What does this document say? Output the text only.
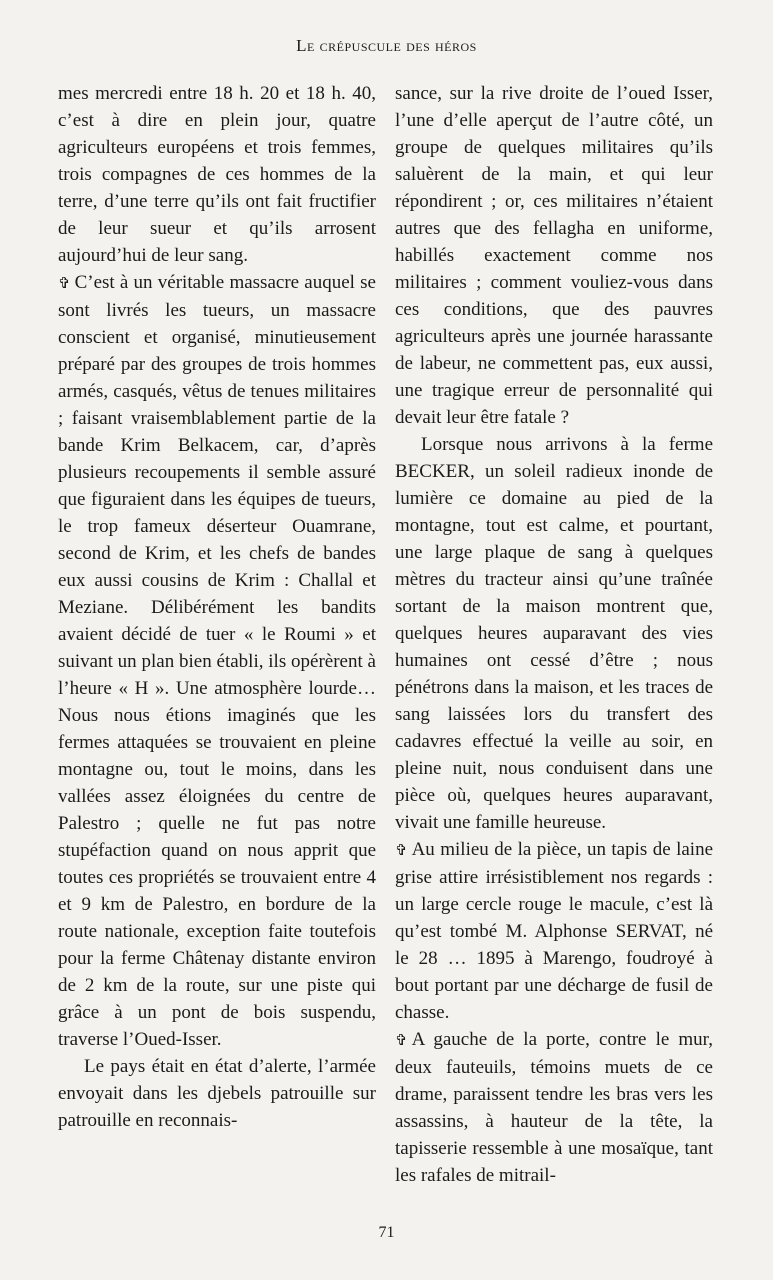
Le crépuscule des héros

mes mercredi entre 18 h. 20 et 18 h. 40, c’est à dire en plein jour, quatre agriculteurs européens et trois femmes, trois compagnes de ces hommes de la terre, d’une terre qu’ils ont fait fructifier de leur sueur et qu’ils arrosent aujourd’hui de leur sang.

✞ C’est à un véritable massacre auquel se sont livrés les tueurs, un massacre conscient et organisé, minutieusement préparé par des groupes de trois hommes armés, casqués, vêtus de tenues militaires ; faisant vraisemblablement partie de la bande Krim Belkacem, car, d’après plusieurs recoupements il semble assuré que figuraient dans les équipes de tueurs, le trop fameux déserteur Ouamrane, second de Krim, et les chefs de bandes eux aussi cousins de Krim : Challal et Meziane. Délibérément les bandits avaient décidé de tuer « le Roumi » et suivant un plan bien établi, ils opérèrent à l’heure « H ». Une atmosphère lourde… Nous nous étions imaginés que les fermes attaquées se trouvaient en pleine montagne ou, tout le moins, dans les vallées assez éloignées du centre de Palestro ; quelle ne fut pas notre stupéfaction quand on nous apprit que toutes ces propriétés se trouvaient entre 4 et 9 km de Palestro, en bordure de la route nationale, exception faite toutefois pour la ferme Châtenay distante environ de 2 km de la route, sur une piste qui grâce à un pont de bois suspendu, traverse l’Oued-Isser.

Le pays était en état d’alerte, l’armée envoyait dans les djebels patrouille sur patrouille en reconnais-

sance, sur la rive droite de l’oued Isser, l’une d’elle aperçut de l’autre côté, un groupe de quelques militaires qu’ils saluèrent de la main, et qui leur répondirent ; or, ces militaires n’étaient autres que des fellagha en uniforme, habillés exactement comme nos militaires ; comment vouliez-vous dans ces conditions, que des pauvres agriculteurs après une journée harassante de labeur, ne commettent pas, eux aussi, une tragique erreur de personnalité qui devait leur être fatale ?

Lorsque nous arrivons à la ferme BECKER, un soleil radieux inonde de lumière ce domaine au pied de la montagne, tout est calme, et pourtant, une large plaque de sang à quelques mètres du tracteur ainsi qu’une traînée sortant de la maison montrent que, quelques heures auparavant des vies humaines ont cessé d’être ; nous pénétrons dans la maison, et les traces de sang laissées lors du transfert des cadavres effectué la veille au soir, en pleine nuit, nous conduisent dans une pièce où, quelques heures auparavant, vivait une famille heureuse.

✞ Au milieu de la pièce, un tapis de laine grise attire irrésistiblement nos regards : un large cercle rouge le macule, c’est là qu’est tombé M. Alphonse SERVAT, né le 28 … 1895 à Marengo, foudroyé à bout portant par une décharge de fusil de chasse.

✞ A gauche de la porte, contre le mur, deux fauteuils, témoins muets de ce drame, paraissent tendre les bras vers les assassins, à hauteur de la tête, la tapisserie ressemble à une mosaïque, tant les rafales de mitrail-

71
